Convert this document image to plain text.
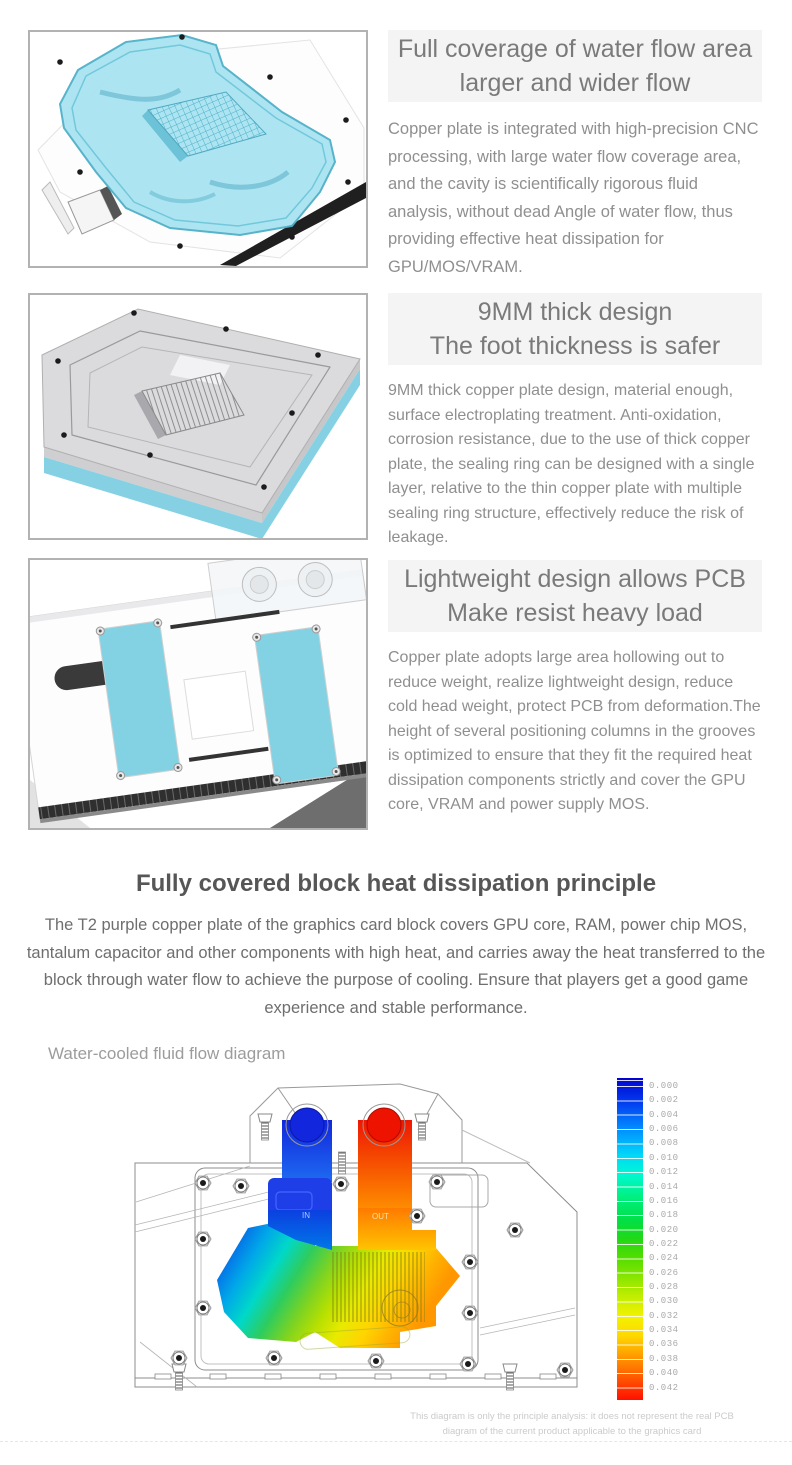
Full coverage of water flow area
larger and wider flow

Copper plate is integrated with high-precision CNC processing, with large water flow coverage area, and the cavity is scientifically rigorous fluid analysis, without dead Angle of water flow, thus providing effective heat dissipation for GPU/MOS/VRAM.

9MM thick design
The foot thickness is safer

9MM thick copper plate design, material enough, surface electroplating treatment. Anti-oxidation, corrosion resistance, due to the use of thick copper plate, the sealing ring can be designed with a single layer, relative to the thin copper plate with multiple sealing ring structure, effectively reduce the risk of leakage.

Lightweight design allows PCB
Make resist heavy load

Copper plate adopts large area hollowing out to reduce weight, realize lightweight design, reduce cold head weight, protect PCB from deformation.The height of several positioning columns in the grooves is optimized to ensure that they fit the required heat dissipation components strictly and cover the GPU core, VRAM and power supply MOS.

Fully covered block heat dissipation principle

The T2 purple copper plate of the graphics card block covers GPU core, RAM, power chip MOS, tantalum capacitor and other components with high heat, and carries away the heat transferred to the block through water flow to achieve the purpose of cooling. Ensure that players get a good game experience and stable performance.

Water-cooled fluid flow diagram
IN	OUT
0.000
0.002
0.004
0.006
0.008
0.010
0.012
0.014
0.016
0.018
0.020
0.022
0.024
0.026
0.028
0.030
0.032
0.034
0.036
0.038
0.040
0.042
This diagram is only the principle analysis: it does not represent the real PCB
diagram of the current product applicable to the graphics card
